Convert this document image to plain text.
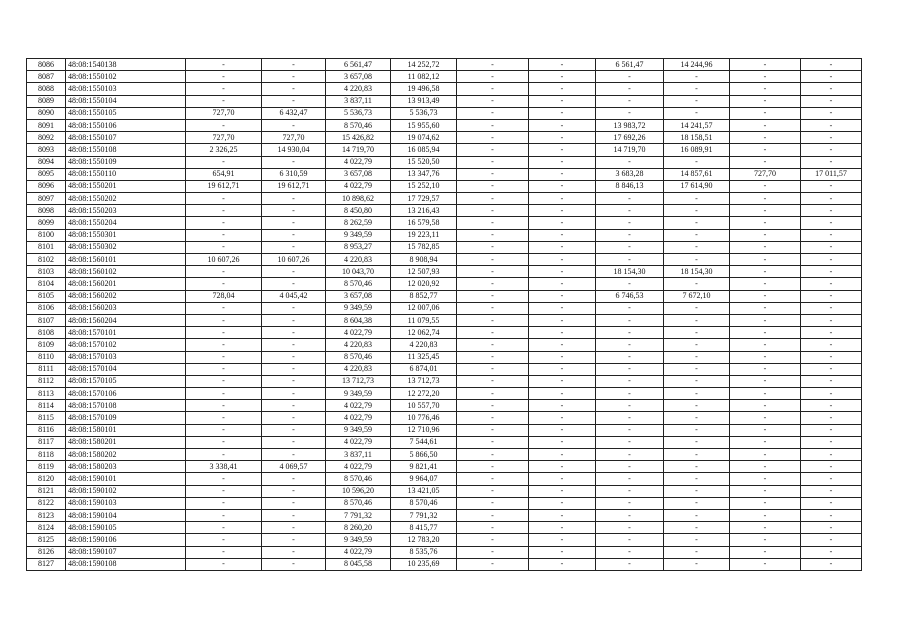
8086	48:08:1540138	-	-	6 561,47	14 252,72	-	-	6 561,47	14 244,96	-	-
8087	48:08:1550102	-	-	3 657,08	11 082,12	-	-	-	-	-	-
8088	48:08:1550103	-	-	4 220,83	19 496,58	-	-	-	-	-	-
8089	48:08:1550104	-	-	3 837,11	13 913,49	-	-	-	-	-	-
8090	48:08:1550105	727,70	6 432,47	5 536,73	5 536,73	-	-	-	-	-	-
8091	48:08:1550106	-	-	8 570,46	15 955,60	-	-	13 983,72	14 241,57	-	-
8092	48:08:1550107	727,70	727,70	15 426,82	19 074,62	-	-	17 692,26	18 158,51	-	-
8093	48:08:1550108	2 326,25	14 930,04	14 719,70	16 085,94	-	-	14 719,70	16 089,91	-	-
8094	48:08:1550109	-	-	4 022,79	15 520,50	-	-	-	-	-	-
8095	48:08:1550110	654,91	6 310,59	3 657,08	13 347,76	-	-	3 683,28	14 857,61	727,70	17 011,57
8096	48:08:1550201	19 612,71	19 612,71	4 022,79	15 252,10	-	-	8 846,13	17 614,90	-	-
8097	48:08:1550202	-	-	10 898,62	17 729,57	-	-	-	-	-	-
8098	48:08:1550203	-	-	8 450,80	13 216,43	-	-	-	-	-	-
8099	48:08:1550204	-	-	8 262,59	16 579,58	-	-	-	-	-	-
8100	48:08:1550301	-	-	9 349,59	19 223,11	-	-	-	-	-	-
8101	48:08:1550302	-	-	8 953,27	15 782,85	-	-	-	-	-	-
8102	48:08:1560101	10 607,26	10 607,26	4 220,83	8 908,94	-	-	-	-	-	-
8103	48:08:1560102	-	-	10 043,70	12 507,93	-	-	18 154,30	18 154,30	-	-
8104	48:08:1560201	-	-	8 570,46	12 020,92	-	-	-	-	-	-
8105	48:08:1560202	728,04	4 045,42	3 657,08	8 852,77	-	-	6 746,53	7 672,10	-	-
8106	48:08:1560203	-	-	9 349,59	12 007,06	-	-	-	-	-	-
8107	48:08:1560204	-	-	8 604,38	11 079,55	-	-	-	-	-	-
8108	48:08:1570101	-	-	4 022,79	12 062,74	-	-	-	-	-	-
8109	48:08:1570102	-	-	4 220,83	4 220,83	-	-	-	-	-	-
8110	48:08:1570103	-	-	8 570,46	11 325,45	-	-	-	-	-	-
8111	48:08:1570104	-	-	4 220,83	6 874,01	-	-	-	-	-	-
8112	48:08:1570105	-	-	13 712,73	13 712,73	-	-	-	-	-	-
8113	48:08:1570106	-	-	9 349,59	12 272,20	-	-	-	-	-	-
8114	48:08:1570108	-	-	4 022,79	10 557,70	-	-	-	-	-	-
8115	48:08:1570109	-	-	4 022,79	10 776,46	-	-	-	-	-	-
8116	48:08:1580101	-	-	9 349,59	12 710,96	-	-	-	-	-	-
8117	48:08:1580201	-	-	4 022,79	7 544,61	-	-	-	-	-	-
8118	48:08:1580202	-	-	3 837,11	5 866,50	-	-	-	-	-	-
8119	48:08:1580203	3 338,41	4 069,57	4 022,79	9 821,41	-	-	-	-	-	-
8120	48:08:1590101	-	-	8 570,46	9 964,07	-	-	-	-	-	-
8121	48:08:1590102	-	-	10 596,20	13 421,05	-	-	-	-	-	-
8122	48:08:1590103	-	-	8 570,46	8 570,46	-	-	-	-	-	-
8123	48:08:1590104	-	-	7 791,32	7 791,32	-	-	-	-	-	-
8124	48:08:1590105	-	-	8 260,20	8 415,77	-	-	-	-	-	-
8125	48:08:1590106	-	-	9 349,59	12 783,20	-	-	-	-	-	-
8126	48:08:1590107	-	-	4 022,79	8 535,76	-	-	-	-	-	-
8127	48:08:1590108	-	-	8 045,58	10 235,69	-	-	-	-	-	-
